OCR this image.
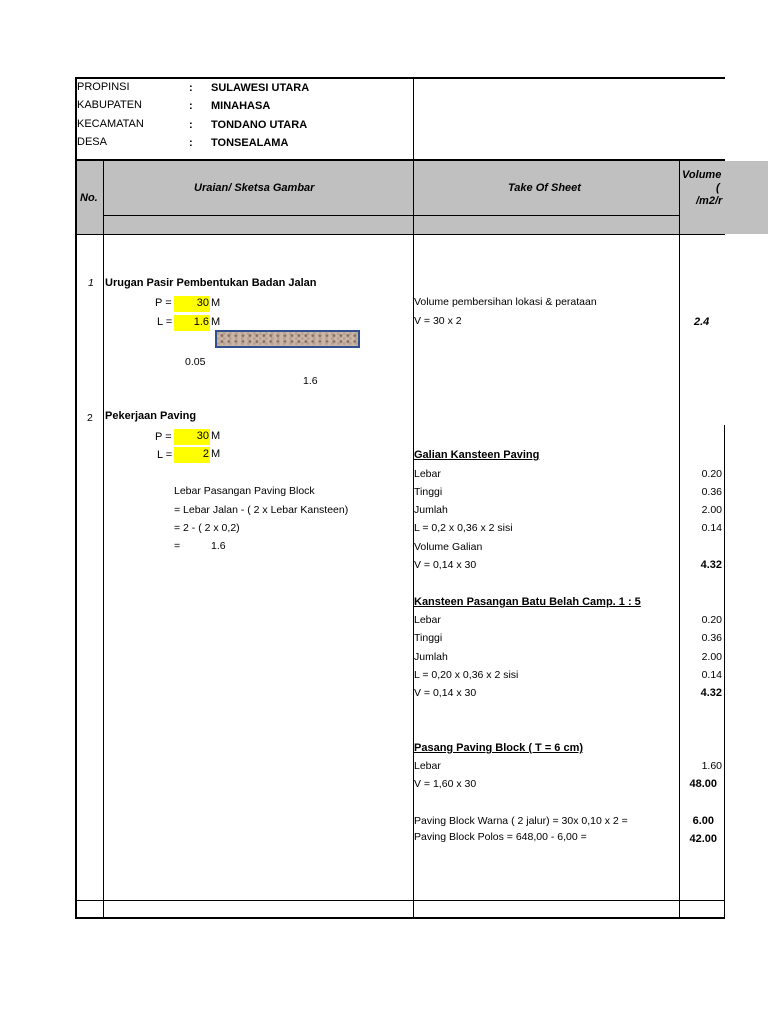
PROPINSI	: SULAWESI UTARA
KABUPATEN	: MINAHASA
KECAMATAN	: TONDANO UTARA
DESA	: TONSEALAMA
No.
Uraian/ Sketsa Gambar	Take Of Sheet
Volume
(
/m2/r
1 Urugan Pasir Pembentukan Badan Jalan
P =	30 M
L =	1.6 M
0.05
1.6
Volume pembersihan lokasi & perataan
V = 30 x 2	2.4
2 Pekerjaan Paving
P =	30 M
L =	2 M
Lebar Pasangan Paving Block
= Lebar Jalan - ( 2 x Lebar Kansteen)
= 2 - ( 2 x 0,2)
=	1.6
Galian Kansteen Paving
Lebar	0.20
Tinggi	0.36
Jumlah	2.00
L = 0,2 x 0,36 x 2 sisi	0.14
Volume Galian
V = 0,14 x 30	4.32
Kansteen Pasangan Batu Belah Camp. 1 : 5
Lebar	0.20
Tinggi	0.36
Jumlah	2.00
L = 0,20 x 0,36 x 2 sisi	0.14
V = 0,14 x 30	4.32
Pasang Paving Block ( T = 6 cm)
Lebar	1.60
V = 1,60 x 30	48.00
Paving Block Warna ( 2 jalur) = 30x 0,10 x 2 =	6.00
Paving Block Polos = 648,00 - 6,00 =	42.00
